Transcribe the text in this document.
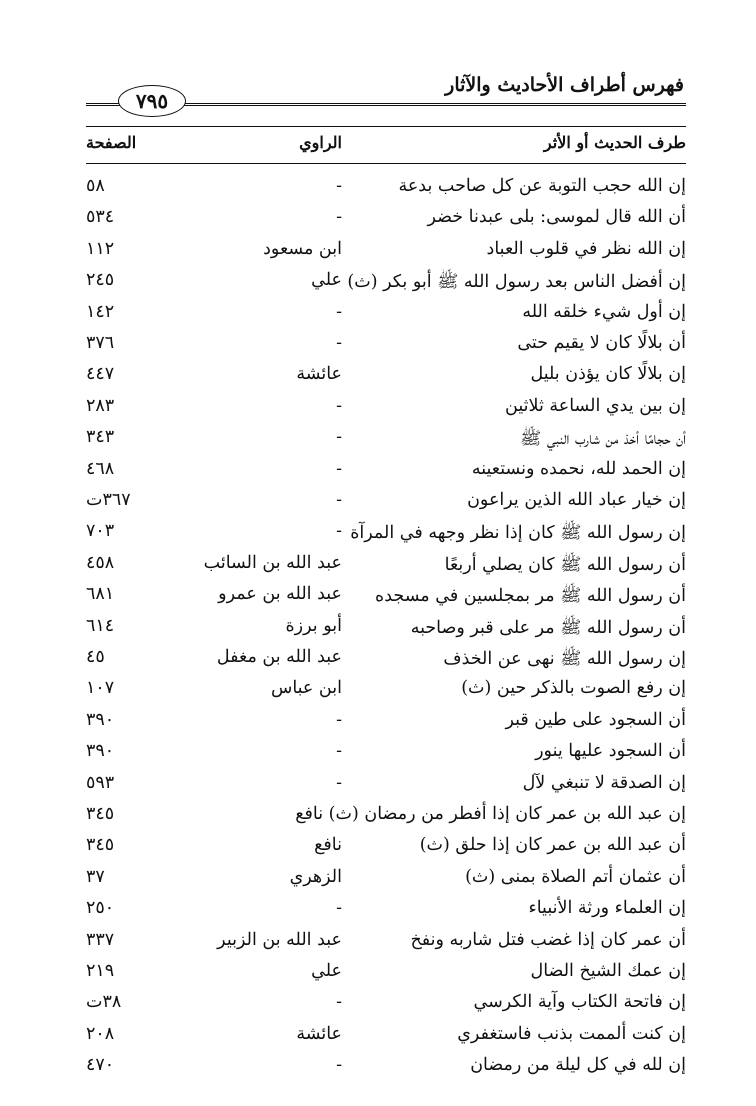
فهرس أطراف الأحاديث والآثار
٧٩٥
طرف الحديث أو الأثر
الراوي
الصفحة
إن الله حجب التوبة عن كل صاحب بدعة
-
٥٨
أن الله قال لموسى: بلى عبدنا خضر
-
٥٣٤
إن الله نظر في قلوب العباد
ابن مسعود
١١٢
إن أفضل الناس بعد رسول الله ﷺ أبو بكر (ث)
علي
٢٤٥
إن أول شيء خلقه الله
-
١٤٢
أن بلالًا كان لا يقيم حتى
-
٣٧٦
إن بلالًا كان يؤذن بليل
عائشة
٤٤٧
إن بين يدي الساعة ثلاثين
-
٢٨٣
أن حجامًا أخذ من شارب النبي ﷺ
-
٣٤٣
إن الحمد لله، نحمده ونستعينه
-
٤٦٨
إن خيار عباد الله الذين يراعون
-
٣٦٧ت
إن رسول الله ﷺ كان إذا نظر وجهه في المرآة
-
٧٠٣
أن رسول الله ﷺ كان يصلي أربعًا
عبد الله بن السائب
٤٥٨
أن رسول الله ﷺ مر بمجلسين في مسجده
عبد الله بن عمرو
٦٨١
أن رسول الله ﷺ مر على قبر وصاحبه
أبو برزة
٦١٤
إن رسول الله ﷺ نهى عن الخذف
عبد الله بن مغفل
٤٥
إن رفع الصوت بالذكر حين (ث)
ابن عباس
١٠٧
أن السجود على طين قبر
-
٣٩٠
أن السجود عليها ينور
-
٣٩٠
إن الصدقة لا تنبغي لآل
-
٥٩٣
إن عبد الله بن عمر كان إذا أفطر من رمضان (ث) نافع
٣٤٥
أن عبد الله بن عمر كان إذا حلق (ث)
نافع
٣٤٥
أن عثمان أتم الصلاة بمنى (ث)
الزهري
٣٧
إن العلماء ورثة الأنبياء
-
٢٥٠
أن عمر كان إذا غضب فتل شاربه ونفخ
عبد الله بن الزبير
٣٣٧
إن عمك الشيخ الضال
علي
٢١٩
إن فاتحة الكتاب وآية الكرسي
-
٣٨ت
إن كنت ألممت بذنب فاستغفري
عائشة
٢٠٨
إن لله في كل ليلة من رمضان
-
٤٧٠
